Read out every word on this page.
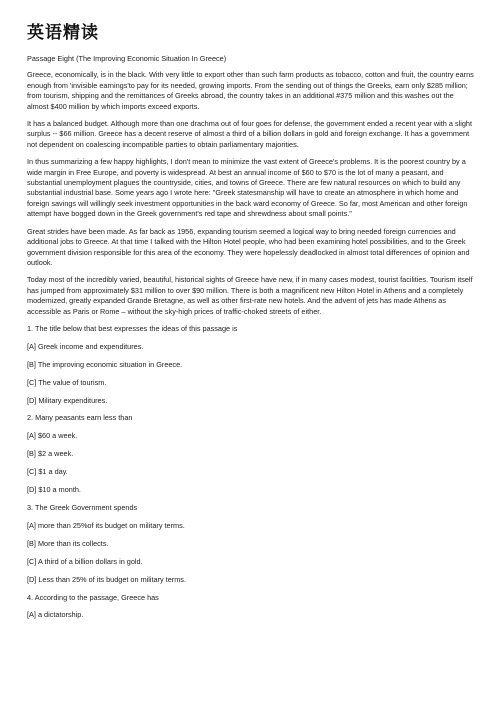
英语精读

Passage Eight (The Improving Economic Situation In Greece)

Greece, economically, is in the black. With very little to export other than such farm products as tobacco, cotton and fruit, the country earns enough from 'invisible earnings'to pay for its needed, growing imports. From the sending out of things the Greeks, earn only $285 million; from tourism, shipping and the remittances of Greeks abroad, the country takes in an additional #375 million and this washes out the almost $400 million by which imports exceed exports.

It has a balanced budget. Although more than one drachma out of four goes for defense, the government ended a recent year with a slight surplus -- $66 million. Greece has a decent reserve of almost a third of a billion dollars in gold and foreign exchange. It has a government not dependent on coalescing incompatible parties to obtain parliamentary majorities.

In thus summarizing a few happy highlights, I don't mean to minimize the vast extent of Greece's problems. It is the poorest country by a wide margin in Free Europe, and poverty is widespread. At best an annual income of $60 to $70 is the lot of many a peasant, and substantial unemployment plagues the countryside, cities, and towns of Greece. There are few natural resources on which to build any substantial industrial base. Some years ago I wrote here: "Greek statesmanship will have to create an atmosphere in which home and foreign savings will willingly seek investment opportunities in the back ward economy of Greece. So far, most American and other foreign attempt have bogged down in the Greek government's red tape and shrewdness about small points."

Great strides have been made. As far back as 1956, expanding tourism seemed a logical way to bring needed foreign currencies and additional jobs to Greece. At that time I talked with the Hilton Hotel people, who had been examining hotel possibilities, and to the Greek government division responsible for this area of the economy. They were hopelessly deadlocked in almost total differences of opinion and outlook.

Today most of the incredibly varied, beautiful, historical sights of Greece have new, if in many cases modest, tourist facilities. Tourism itself has jumped from approximately $31 million to over $90 million. There is both a magnificent new Hilton Hotel in Athens and a completely modernized, greatly expanded Grande Bretagne, as well as other first-rate new hotels. And the advent of jets has made Athens as accessible as Paris or Rome – without the sky-high prices of traffic-choked streets of either.

1. The title below that best expresses the ideas of this passage is

[A] Greek income and expenditures.

[B] The improving economic situation in Greece.

[C] The value of tourism.

[D] Military expenditures.

2. Many peasants earn less than

[A] $60 a week.

[B] $2 a week.

[C] $1 a day.

[D] $10 a month.

3. The Greek Government spends

[A] more than 25%of its budget on military terms.

[B] More than its collects.

[C] A third of a billion dollars in gold.

[D] Less than 25% of its budget on military terms.

4. According to the passage, Greece has

[A] a dictatorship.
